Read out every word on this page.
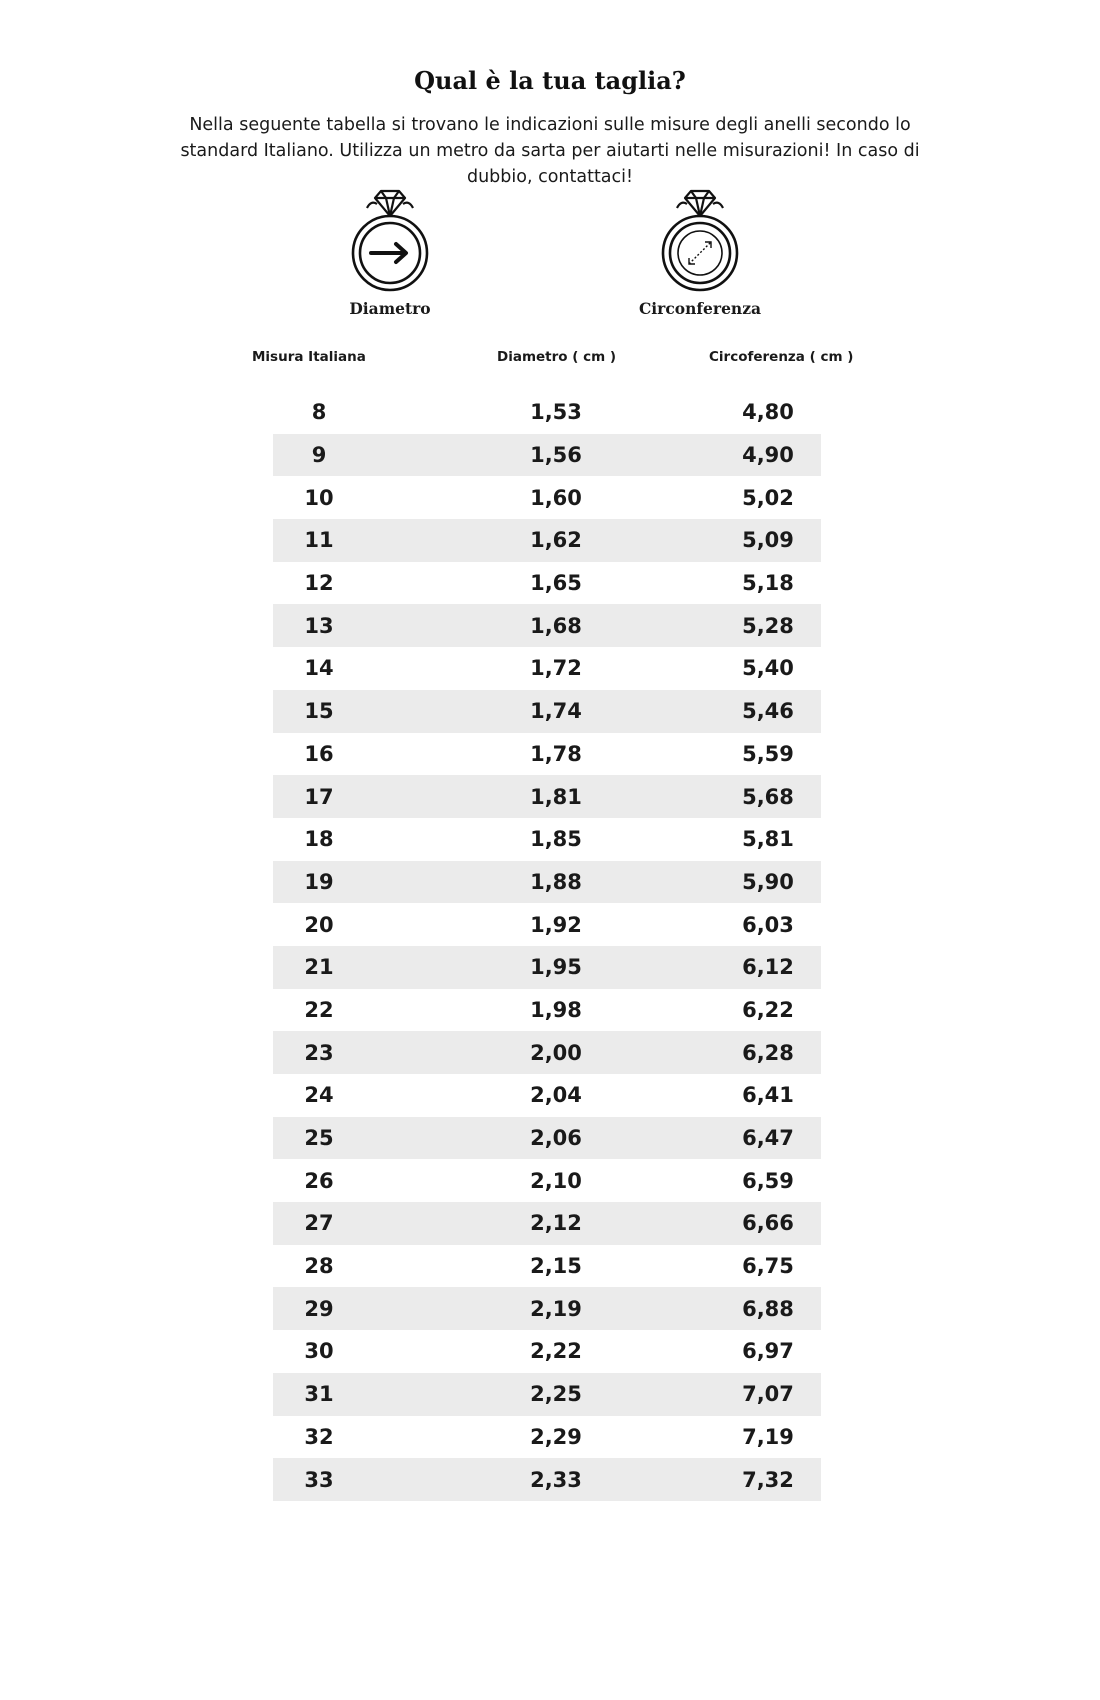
Qual è la tua taglia?
Nella seguente tabella si trovano le indicazioni sulle misure degli anelli secondo lo standard Italiano. Utilizza un metro da sarta per aiutarti nelle misurazioni! In caso di dubbio, contattaci!
Diametro	Circonferenza
Misura Italiana	Diametro ( cm )	Circoferenza ( cm )
8	1,53	4,80
9	1,56	4,90
10	1,60	5,02
11	1,62	5,09
12	1,65	5,18
13	1,68	5,28
14	1,72	5,40
15	1,74	5,46
16	1,78	5,59
17	1,81	5,68
18	1,85	5,81
19	1,88	5,90
20	1,92	6,03
21	1,95	6,12
22	1,98	6,22
23	2,00	6,28
24	2,04	6,41
25	2,06	6,47
26	2,10	6,59
27	2,12	6,66
28	2,15	6,75
29	2,19	6,88
30	2,22	6,97
31	2,25	7,07
32	2,29	7,19
33	2,33	7,32
